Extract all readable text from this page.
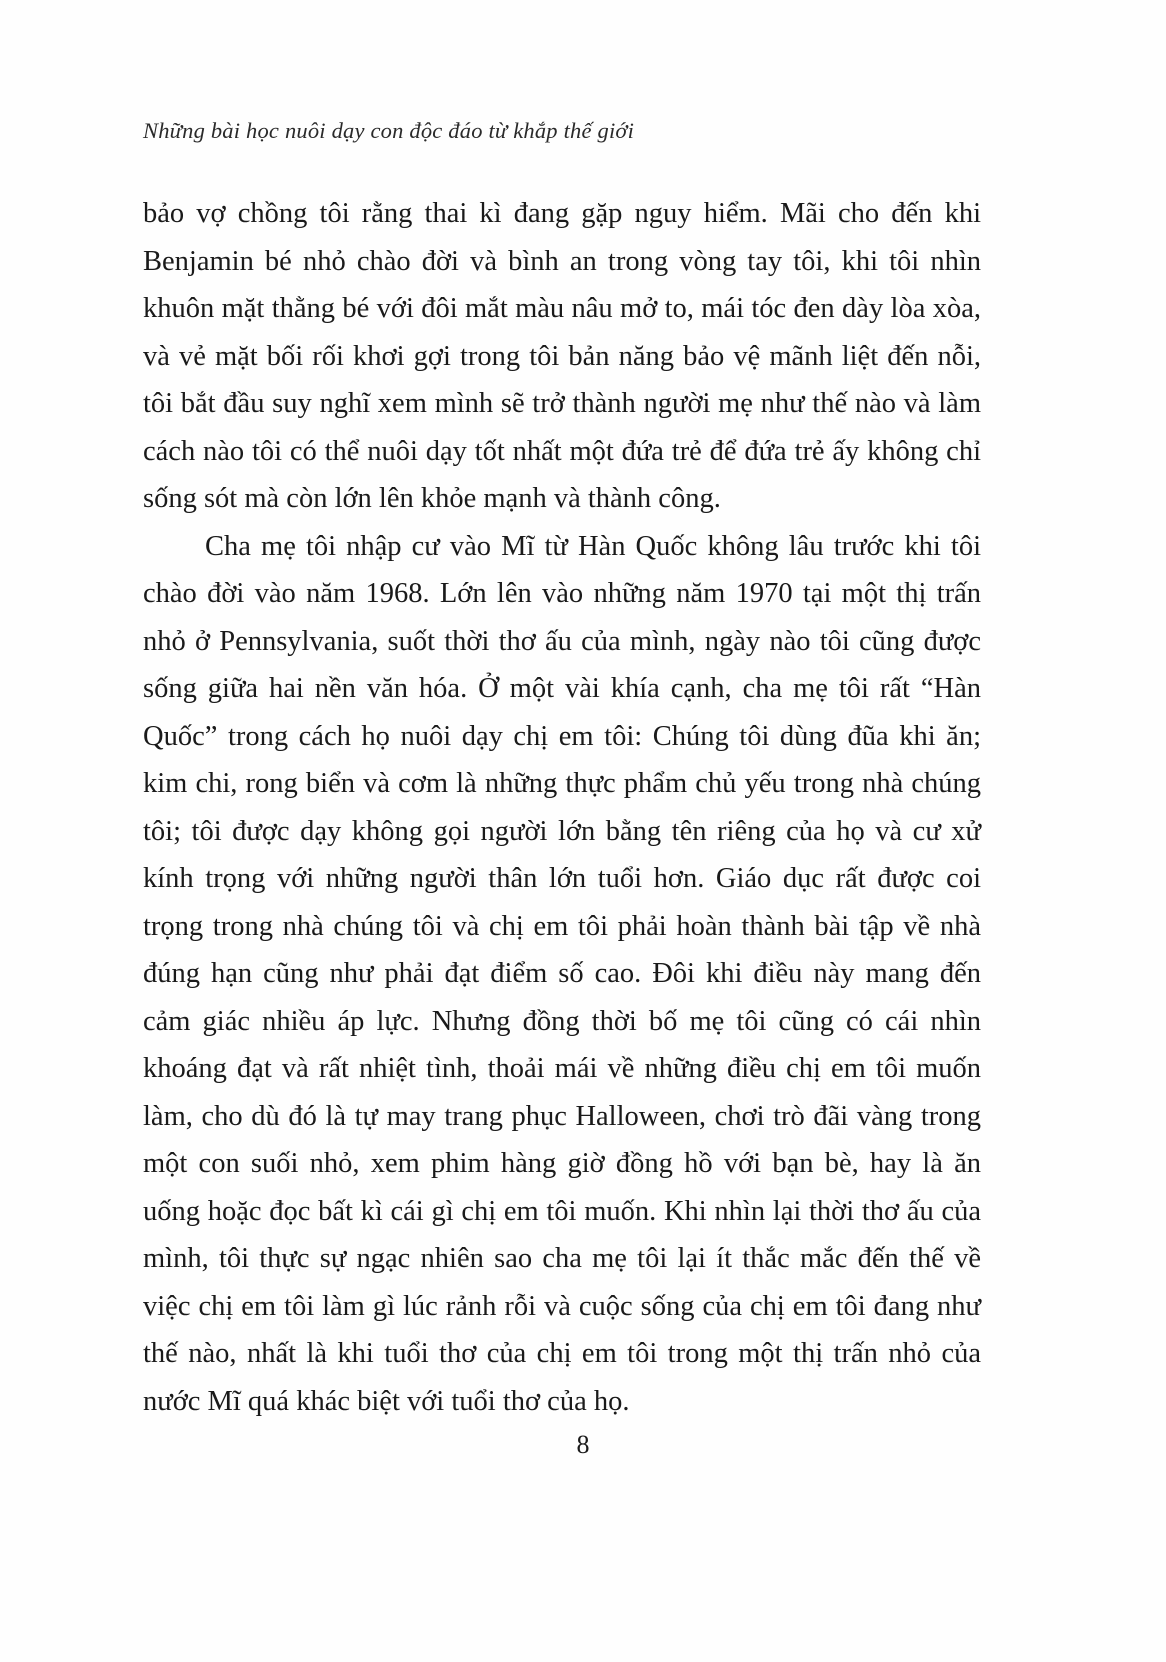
Những bài học nuôi dạy con độc đáo từ khắp thế giới

bảo vợ chồng tôi rằng thai kì đang gặp nguy hiểm. Mãi cho đến khi Benjamin bé nhỏ chào đời và bình an trong vòng tay tôi, khi tôi nhìn khuôn mặt thằng bé với đôi mắt màu nâu mở to, mái tóc đen dày lòa xòa, và vẻ mặt bối rối khơi gợi trong tôi bản năng bảo vệ mãnh liệt đến nỗi, tôi bắt đầu suy nghĩ xem mình sẽ trở thành người mẹ như thế nào và làm cách nào tôi có thể nuôi dạy tốt nhất một đứa trẻ để đứa trẻ ấy không chỉ sống sót mà còn lớn lên khỏe mạnh và thành công.

Cha mẹ tôi nhập cư vào Mĩ từ Hàn Quốc không lâu trước khi tôi chào đời vào năm 1968. Lớn lên vào những năm 1970 tại một thị trấn nhỏ ở Pennsylvania, suốt thời thơ ấu của mình, ngày nào tôi cũng được sống giữa hai nền văn hóa. Ở một vài khía cạnh, cha mẹ tôi rất “Hàn Quốc” trong cách họ nuôi dạy chị em tôi: Chúng tôi dùng đũa khi ăn; kim chi, rong biển và cơm là những thực phẩm chủ yếu trong nhà chúng tôi; tôi được dạy không gọi người lớn bằng tên riêng của họ và cư xử kính trọng với những người thân lớn tuổi hơn. Giáo dục rất được coi trọng trong nhà chúng tôi và chị em tôi phải hoàn thành bài tập về nhà đúng hạn cũng như phải đạt điểm số cao. Đôi khi điều này mang đến cảm giác nhiều áp lực. Nhưng đồng thời bố mẹ tôi cũng có cái nhìn khoáng đạt và rất nhiệt tình, thoải mái về những điều chị em tôi muốn làm, cho dù đó là tự may trang phục Halloween, chơi trò đãi vàng trong một con suối nhỏ, xem phim hàng giờ đồng hồ với bạn bè, hay là ăn uống hoặc đọc bất kì cái gì chị em tôi muốn. Khi nhìn lại thời thơ ấu của mình, tôi thực sự ngạc nhiên sao cha mẹ tôi lại ít thắc mắc đến thế về việc chị em tôi làm gì lúc rảnh rỗi và cuộc sống của chị em tôi đang như thế nào, nhất là khi tuổi thơ của chị em tôi trong một thị trấn nhỏ của nước Mĩ quá khác biệt với tuổi thơ của họ.

8
